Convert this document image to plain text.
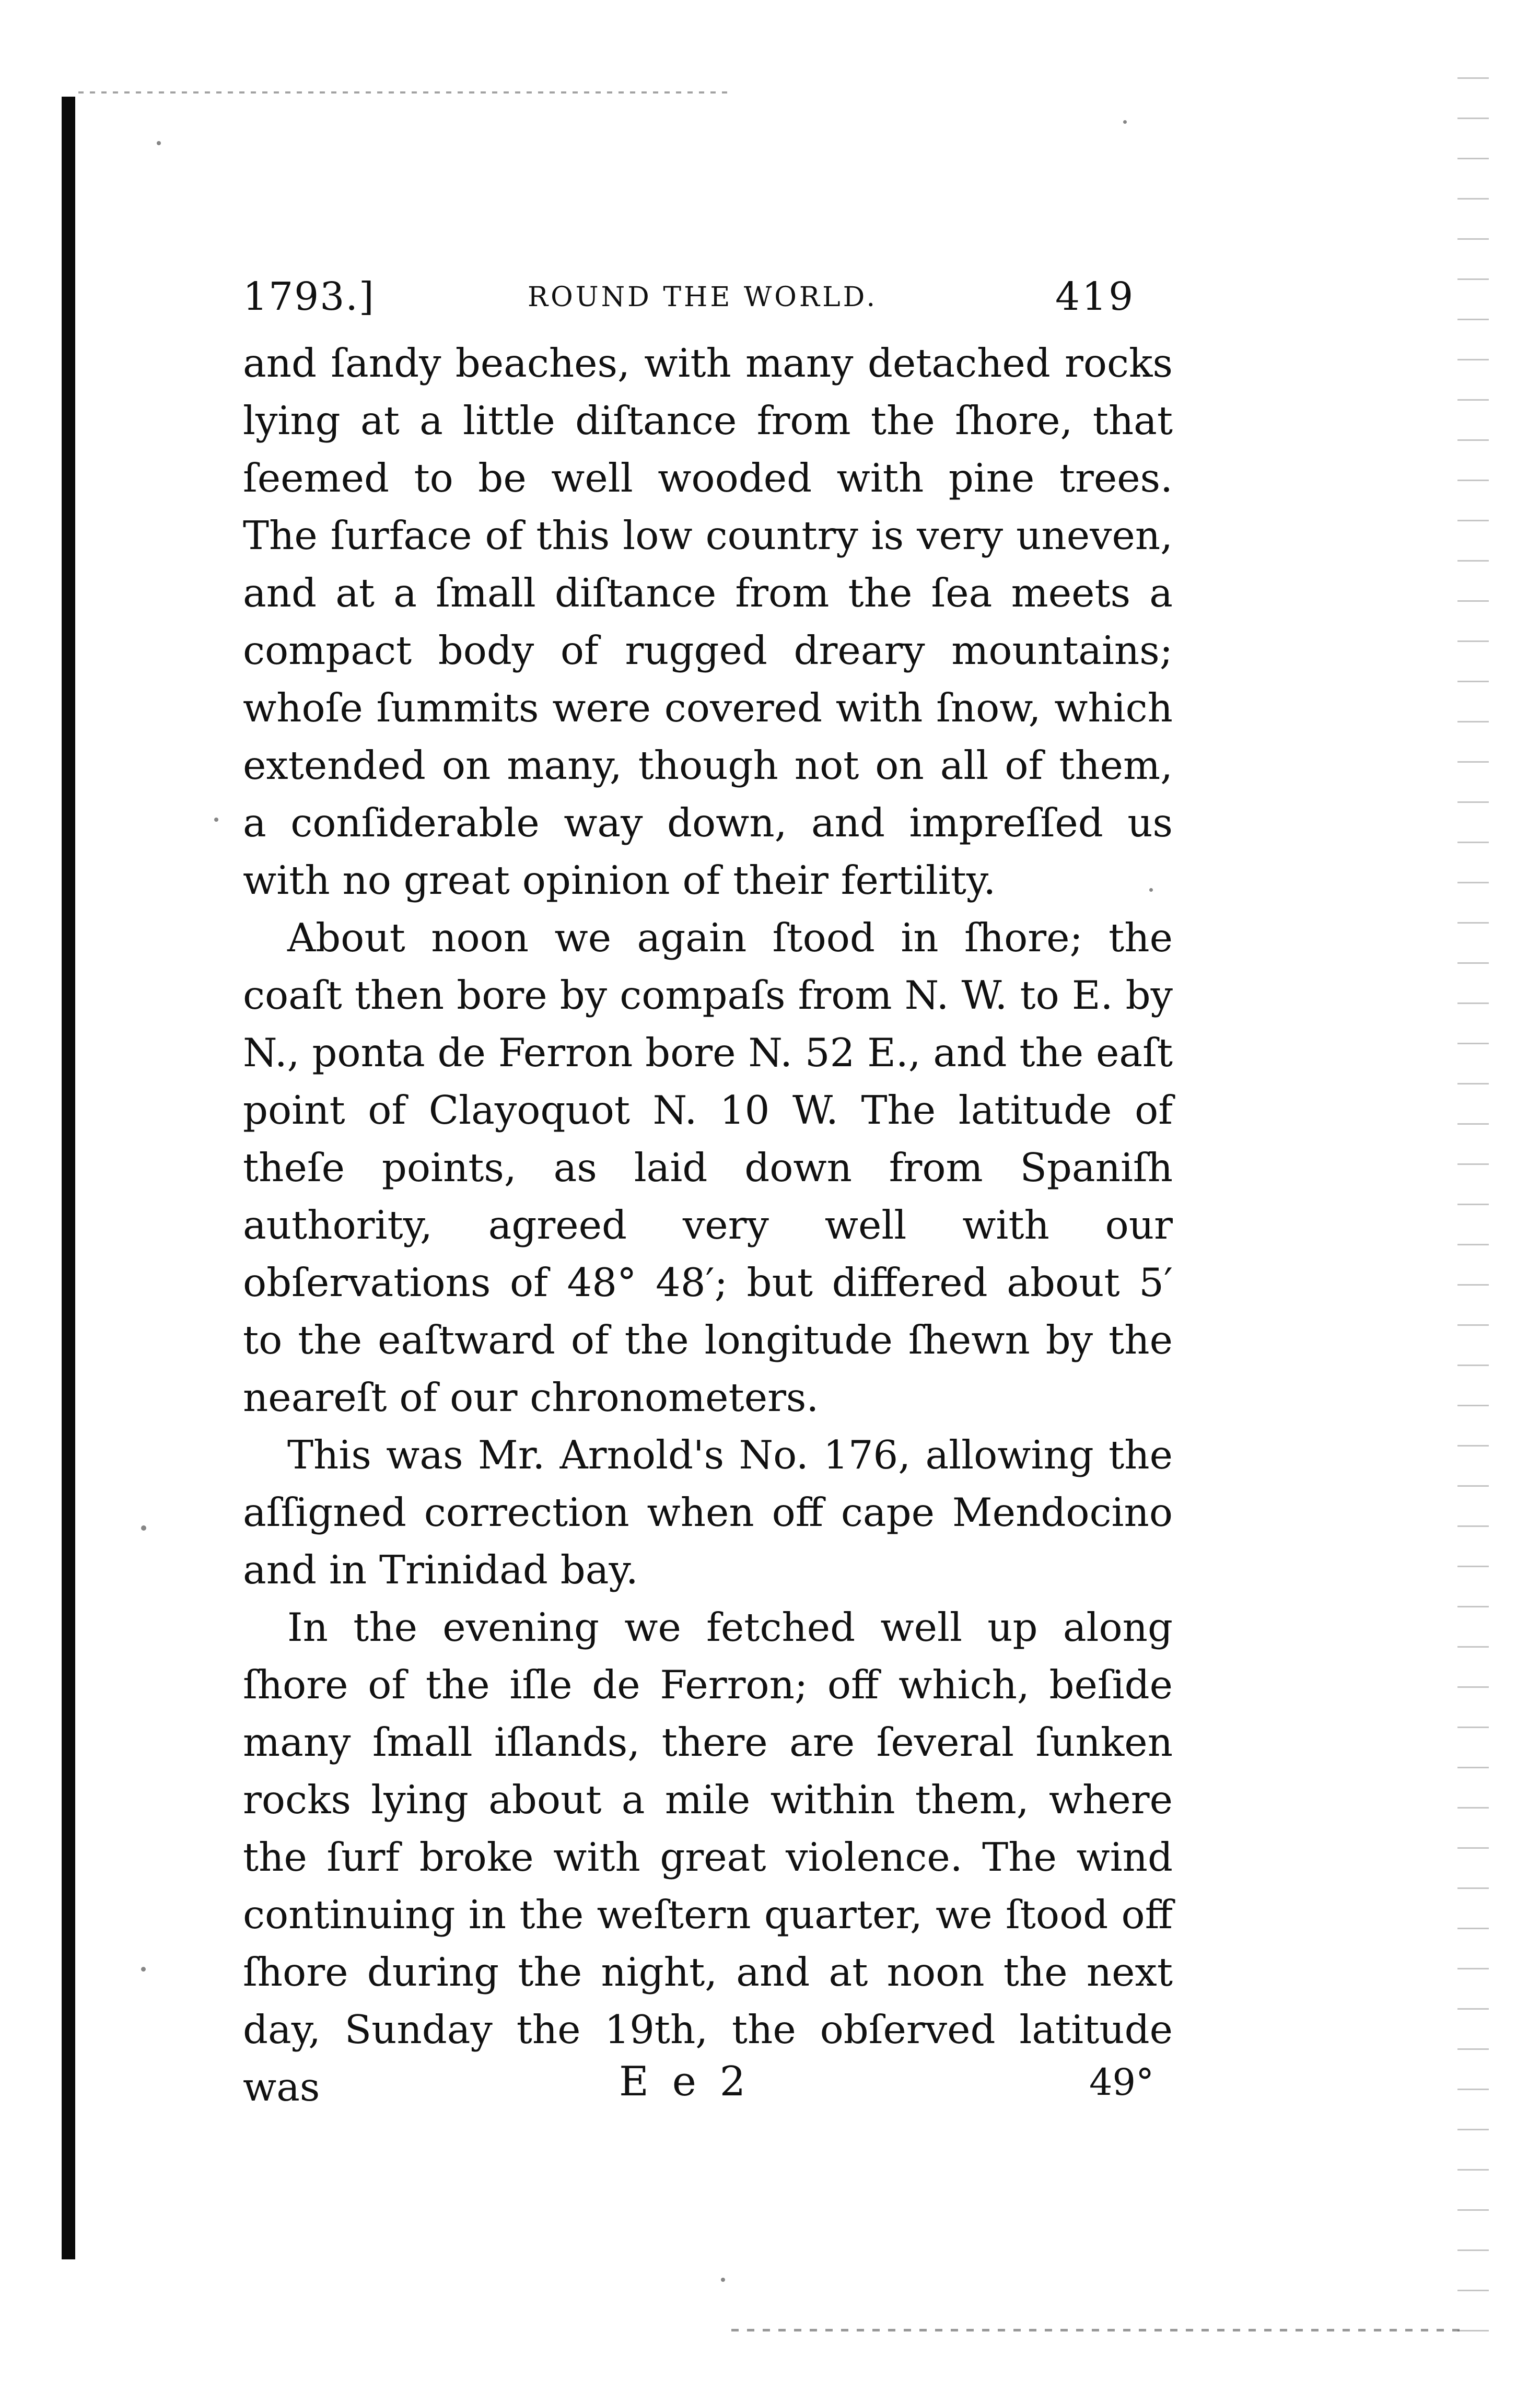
1793.]	ROUND THE WORLD.	419

and ſandy beaches, with many detached rocks lying at a little diſtance from the ſhore, that ſeemed to be well wooded with pine trees. The ſurface of this low country is very uneven, and at a ſmall diſtance from the ſea meets a compact body of rugged dreary mountains; whoſe ſummits were covered with ſnow, which extended on many, though not on all of them, a conſiderable way down, and impreſſed us with no great opinion of their fertility.

About noon we again ſtood in ſhore; the coaſt then bore by compaſs from N. W. to E. by N., ponta de Ferron bore N. 52 E., and the eaſt point of Clayoquot N. 10 W. The latitude of theſe points, as laid down from Spaniſh authority, agreed very well with our obſervations of 48° 48′; but differed about 5′ to the eaſtward of the longitude ſhewn by the neareſt of our chronometers.

This was Mr. Arnold's No. 176, allowing the aſſigned correction when off cape Mendocino and in Trinidad bay.

In the evening we fetched well up along ſhore of the iſle de Ferron; off which, beſide many ſmall iſlands, there are ſeveral ſunken rocks lying about a mile within them, where the ſurf broke with great violence. The wind continuing in the weſtern quarter, we ſtood off ſhore during the night, and at noon the next day, Sunday the 19th, the obſerved latitude was	E e 2	49°
